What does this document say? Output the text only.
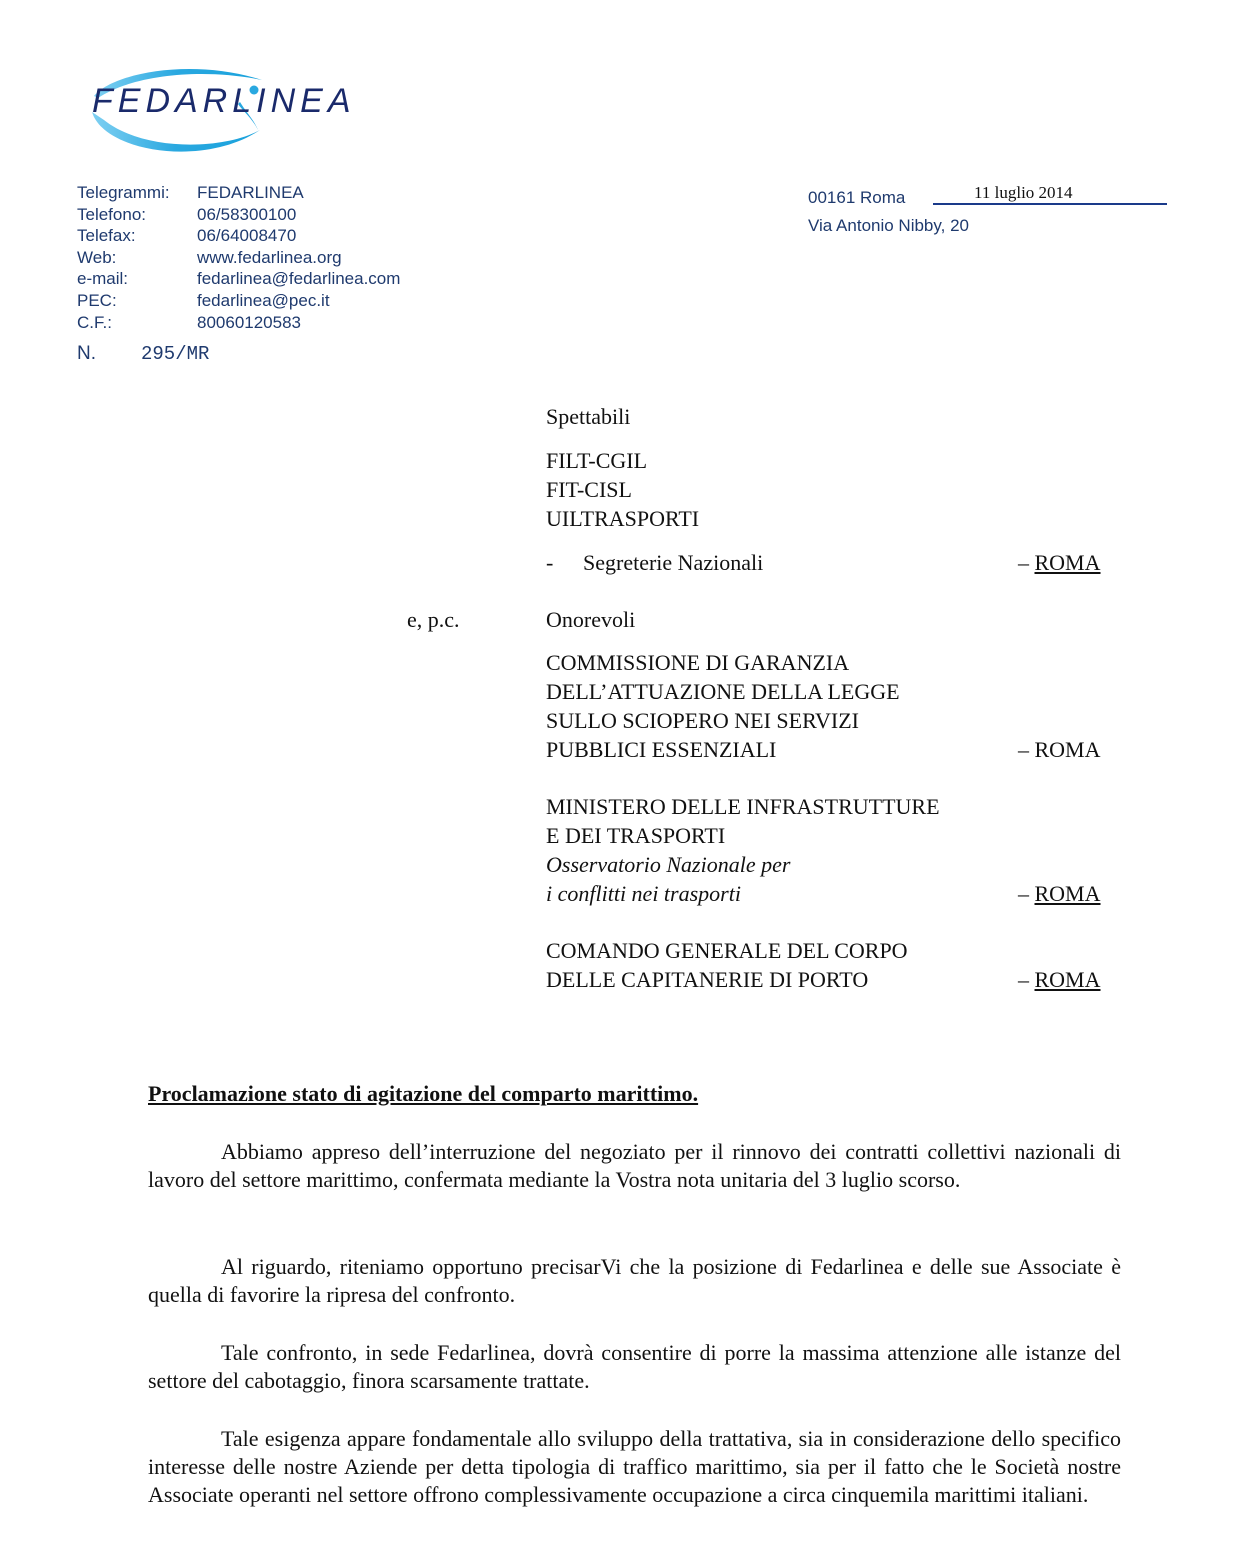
FEDARLINEA
Telegrammi:	FEDARLINEA
Telefono:	06/58300100
Telefax:	06/64008470
Web:	www.fedarlinea.org
e-mail:	fedarlinea@fedarlinea.com
PEC:	fedarlinea@pec.it
C.F.:	80060120583
N. 295/MR
00161 Roma	11 luglio 2014
Via Antonio Nibby, 20
Spettabili
FILT-CGIL
FIT-CISL
UILTRASPORTI
- Segreterie Nazionali	– ROMA
e, p.c.	Onorevoli
COMMISSIONE DI GARANZIA
DELL’ATTUAZIONE DELLA LEGGE
SULLO SCIOPERO NEI SERVIZI
PUBBLICI ESSENZIALI	– ROMA
MINISTERO DELLE INFRASTRUTTURE
E DEI TRASPORTI
Osservatorio Nazionale per
i conflitti nei trasporti	– ROMA
COMANDO GENERALE DEL CORPO
DELLE CAPITANERIE DI PORTO	– ROMA
Proclamazione stato di agitazione del comparto marittimo.

Abbiamo appreso dell’interruzione del negoziato per il rinnovo dei contratti collettivi nazionali di lavoro del settore marittimo, confermata mediante la Vostra nota unitaria del 3 luglio scorso.

Al riguardo, riteniamo opportuno precisarVi che la posizione di Fedarlinea e delle sue Associate è quella di favorire la ripresa del confronto.

Tale confronto, in sede Fedarlinea, dovrà consentire di porre la massima attenzione alle istanze del settore del cabotaggio, finora scarsamente trattate.

Tale esigenza appare fondamentale allo sviluppo della trattativa, sia in considerazione dello specifico interesse delle nostre Aziende per detta tipologia di traffico marittimo, sia per il fatto che le Società nostre Associate operanti nel settore offrono complessivamente occupazione a circa cinquemila marittimi italiani.
